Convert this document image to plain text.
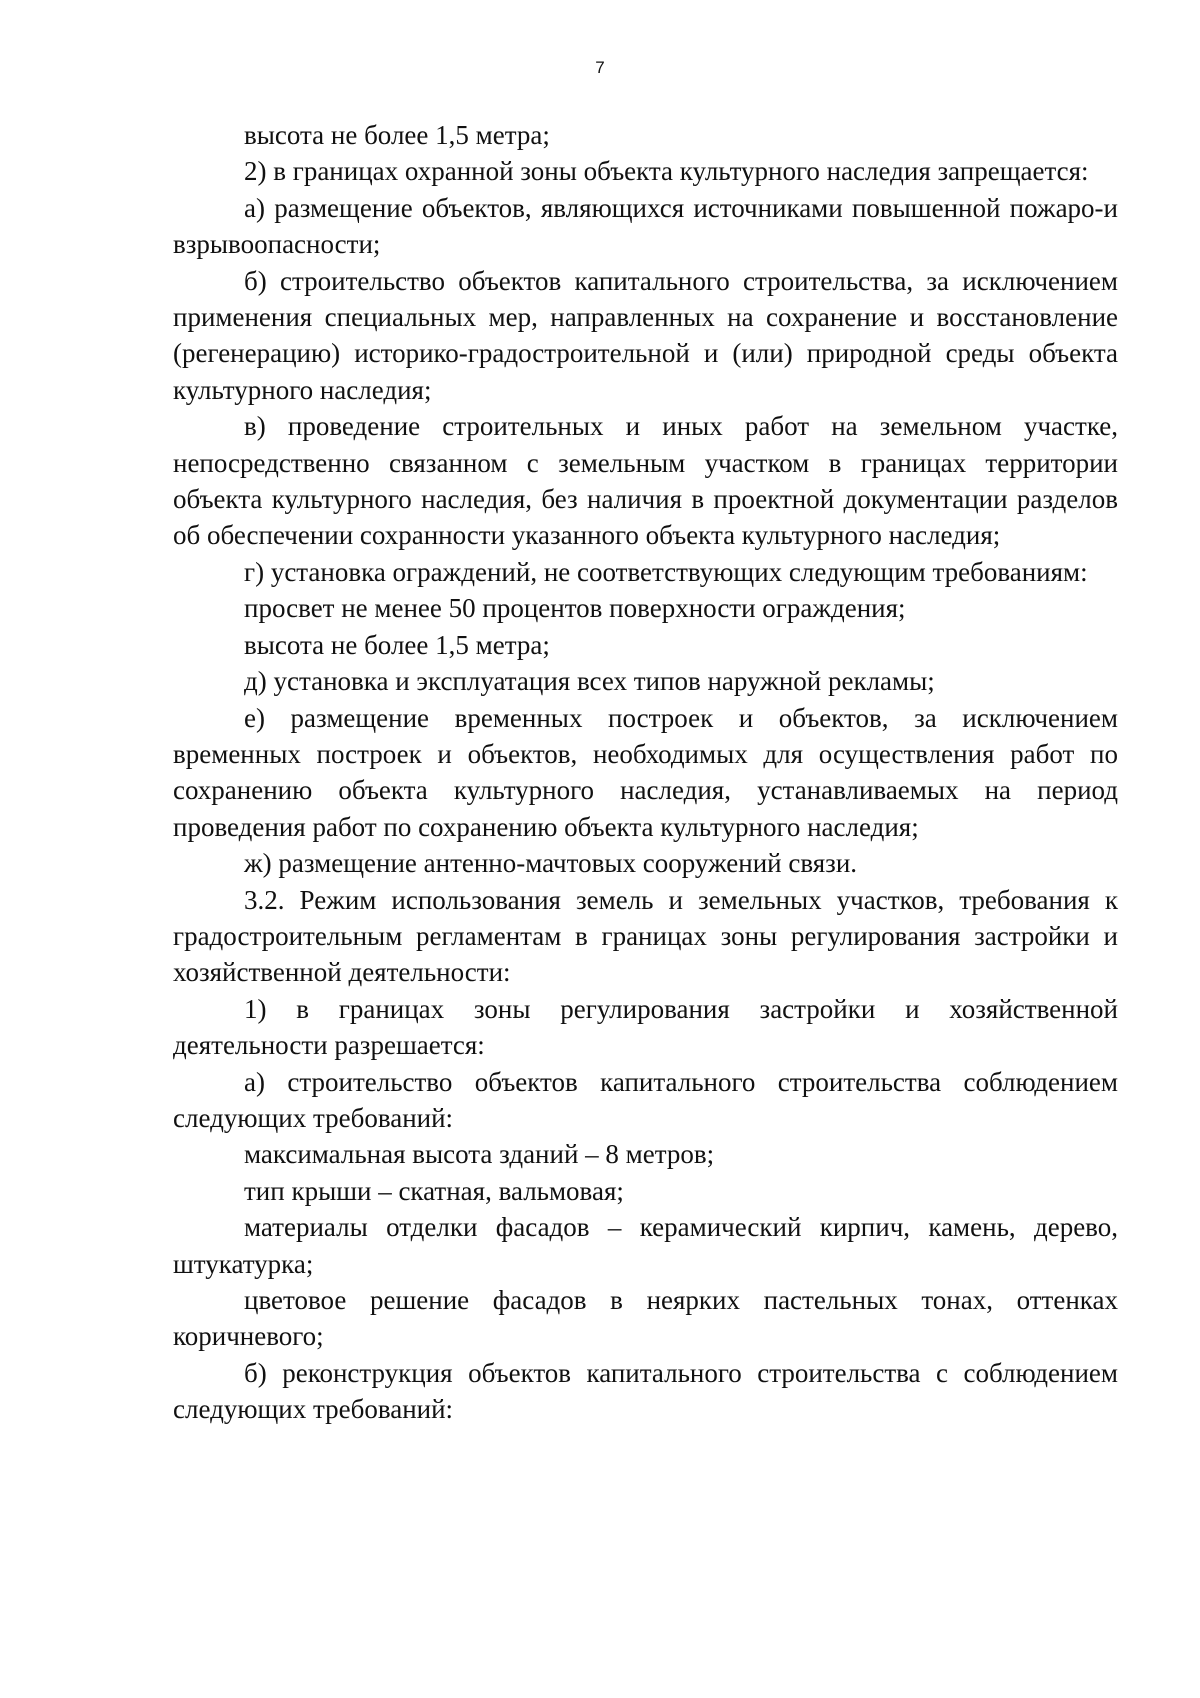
7

высота не более 1,5 метра;

2) в границах охранной зоны объекта культурного наследия запрещается:

а) размещение объектов, являющихся источниками повышенной пожаро-и взрывоопасности;

б) строительство объектов капитального строительства, за исключением применения специальных мер, направленных на сохранение и восстановление (регенерацию) историко-градостроительной и (или) природной среды объекта культурного наследия;

в) проведение строительных и иных работ на земельном участке, непосредственно связанном с земельным участком в границах территории объекта культурного наследия, без наличия в проектной документации разделов об обеспечении сохранности указанного объекта культурного наследия;

г) установка ограждений, не соответствующих следующим требованиям:

просвет не менее 50 процентов поверхности ограждения;

высота не более 1,5 метра;

д) установка и эксплуатация всех типов наружной рекламы;

е) размещение временных построек и объектов, за исключением временных построек и объектов, необходимых для осуществления работ по сохранению объекта культурного наследия, устанавливаемых на период проведения работ по сохранению объекта культурного наследия;

ж) размещение антенно-мачтовых сооружений связи.

3.2. Режим использования земель и земельных участков, требования к градостроительным регламентам в границах зоны регулирования застройки и хозяйственной деятельности:

1) в границах зоны регулирования застройки и хозяйственной деятельности разрешается:

а) строительство объектов капитального строительства соблюдением следующих требований:

максимальная высота зданий – 8 метров;

тип крыши – скатная, вальмовая;

материалы отделки фасадов – керамический кирпич, камень, дерево, штукатурка;

цветовое решение фасадов в неярких пастельных тонах, оттенках коричневого;

б) реконструкция объектов капитального строительства с соблюдением следующих требований:
